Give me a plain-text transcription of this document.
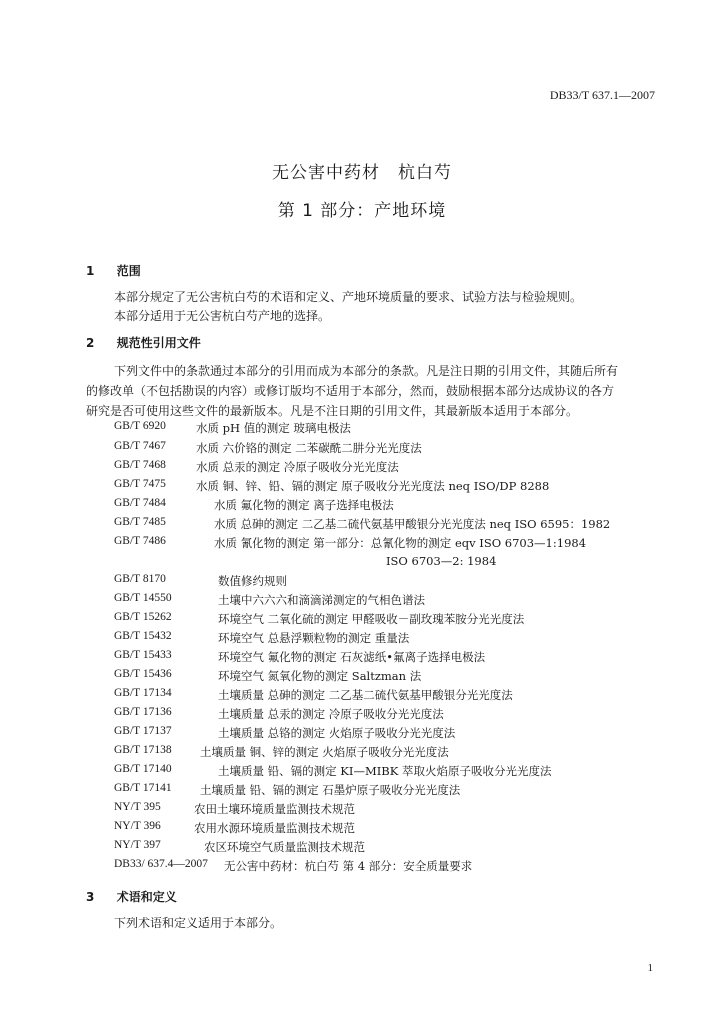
DB33/T 637.1—2007
无公害中药材　杭白芍
第 1 部分：产地环境
1 范围
本部分规定了无公害杭白芍的术语和定义、产地环境质量的要求、试验方法与检验规则。
本部分适用于无公害杭白芍产地的选择。
2 规范性引用文件
下列文件中的条款通过本部分的引用而成为本部分的条款。凡是注日期的引用文件，其随后所有
的修改单（不包括勘误的内容）或修订版均不适用于本部分，然而，鼓励根据本部分达成协议的各方
研究是否可使用这些文件的最新版本。凡是不注日期的引用文件，其最新版本适用于本部分。
GB/T 6920	水质 pH 值的测定 玻璃电极法
GB/T 7467	水质 六价铬的测定 二苯碳酰二肼分光光度法
GB/T 7468	水质 总汞的测定 冷原子吸收分光光度法
GB/T 7475	水质 铜、锌、铅、镉的测定 原子吸收分光光度法 neq ISO/DP 8288
GB/T 7484	水质 氟化物的测定 离子选择电极法
GB/T 7485	水质 总砷的测定 二乙基二硫代氨基甲酸银分光光度法 neq ISO 6595：1982
GB/T 7486	水质 氰化物的测定 第一部分：总氰化物的测定 eqv ISO 6703—1:1984
ISO 6703—2: 1984
GB/T 8170	数值修约规则
GB/T 14550	土壤中六六六和滴滴涕测定的气相色谱法
GB/T 15262	环境空气 二氧化硫的测定 甲醛吸收－副玫瑰苯胺分光光度法
GB/T 15432	环境空气 总悬浮颗粒物的测定 重量法
GB/T 15433	环境空气 氟化物的测定 石灰滤纸•氟离子选择电极法
GB/T 15436	环境空气 氮氧化物的测定 Saltzman 法
GB/T 17134	土壤质量 总砷的测定 二乙基二硫代氨基甲酸银分光光度法
GB/T 17136	土壤质量 总汞的测定 冷原子吸收分光光度法
GB/T 17137	土壤质量 总铬的测定 火焰原子吸收分光光度法
GB/T 17138 土壤质量 铜、锌的测定 火焰原子吸收分光光度法
GB/T 17140	土壤质量 铅、镉的测定 KI—MIBK 萃取火焰原子吸收分光光度法
GB/T 17141 土壤质量 铅、镉的测定 石墨炉原子吸收分光光度法
NY/T 395	农田土壤环境质量监测技术规范
NY/T 396	农用水源环境质量监测技术规范
NY/T 397	农区环境空气质量监测技术规范
DB33/ 637.4—2007 无公害中药材：杭白芍 第 4 部分：安全质量要求
3 术语和定义
下列术语和定义适用于本部分。
1
